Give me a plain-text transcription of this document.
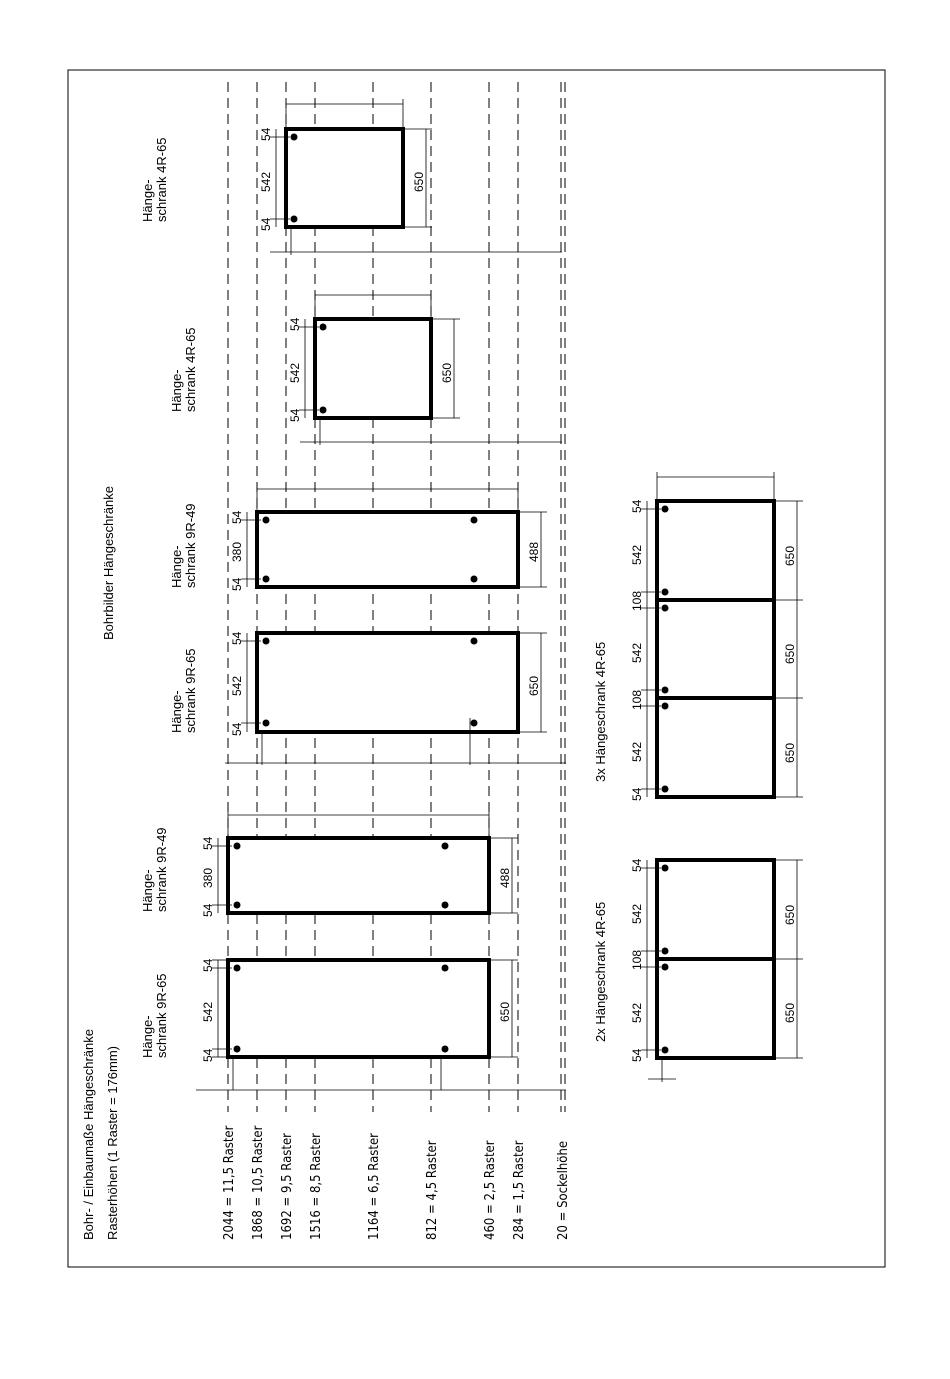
2044 = 11,5 Raster 1868 = 10,5 Raster 1692 = 9,5 Raster 1516 = 8,5 Raster	1164 = 6,5 Raster	812 = 4,5 Raster	460 = 2,5 Raster 284 = 1,5 Raster 20 = Sockelhöhe
Bohr- / Einbaumaße Hängeschränke Rasterhöhen (1 Raster = 176mm)
Bohrbilder Hängeschränke
Hänge- schrank 9R-65
54
542
54
650
Hänge- schrank 9R-49	54
380
54
488
Hänge- schrank 9R-65
54
542
54
650
Hänge- schrank 9R-49	54
380
54
488
Hänge- schrank 4R-65
54
542
54
650
Hänge- schrank 4R-65
54
542
54
650
2x Hängeschrank 4R-65
54
542
108
542
54
650
650
3x Hängeschrank 4R-65
54
542
108
542
108
542
54
650
650
650
